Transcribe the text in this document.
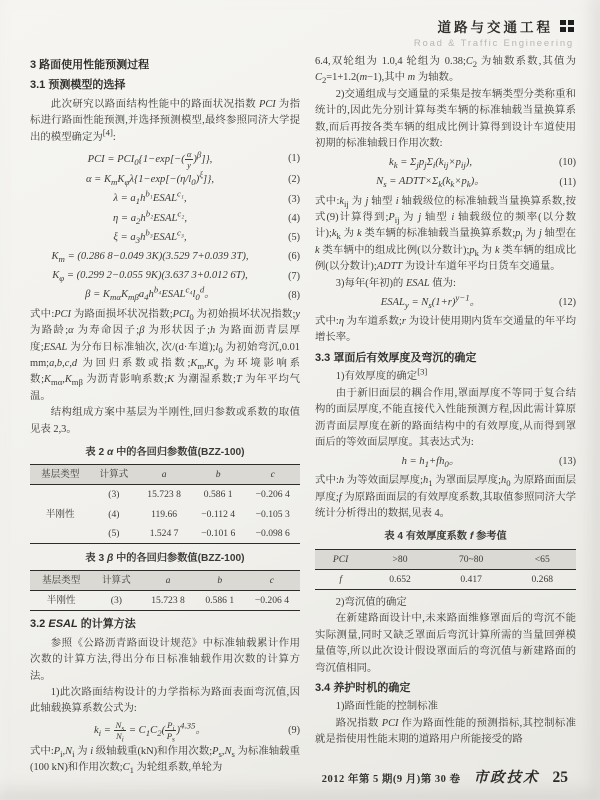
道路与交通工程
Road & Traffic Engineering
3 路面使用性能预测过程
3.1 预测模型的选择

此次研究以路面结构性能中的路面状况指数 PCI 为指标进行路面性能预测,并选择预测模型,最终参照同济大学提出的模型确定为[4]:

PCI = $PCI_0\{1-\exp[-( \frac{\alpha}{y} )^\beta]\}$,	(1)
$\alpha = K_mK_\varphi\lambda\{1-\exp[-(\eta/l_0)^\xi]\}$,	(2)
$\lambda = a_1h^{b_1}ESAL^{c_1}$,	(3)
$\eta = a_2h^{b_2}ESAL^{c_2}$,	(4)
$\xi = a_3h^{b_3}ESAL^{c_3}$,	(5)
$K_m = (0.286$ 8−0.049 3K)(3.529 7+0.039 3T),	(6)
$K_\varphi = (0.299$ 2−0.055 9K)(3.637 3+0.012 6T),	(7)
$\beta = K_{m\alpha}K_{m\beta}a_4h^{b_4}ESAL^{c_4}l_0^d$。	(8)

式中:PCI 为路面损坏状况指数$;PCI_0$ 为初始损坏状况指数;y 为路龄;α 为寿命因子;β 为形状因子;h 为路面沥青层厚度;ESAL 为分布日标准轴次, 次/(d·车道)$;l_0$ 为初始弯沉,0.01 mm;a,b,c,d 为回归系数或指数$;K_m,K_\varphi$ 为环境影响系数$;K_{m\alpha},K_{m\beta}$ 为沥青影响系数;K 为潮湿系数;T 为年平均气温。

结构组成方案中基层为半刚性,回归参数或系数的取值见表 2,3。

表 2 α 中的各回归参数值(BZZ-100)
基层类型	计算式	a	b	c
半刚性	(3)	15.723 8	0.586 1	−0.206 4
	(4)	119.66	−0.112 4	−0.105 3
	(5)	1.524 7	−0.101 6	−0.098 6
表 3 β 中的各回归参数值(BZZ-100)
基层类型	计算式	a	b	c
半刚性	(3)	15.723 8	0.586 1	−0.206 4
3.2 ESAL 的计算方法

参照《公路沥青路面设计规范》中标准轴载累计作用次数的计算方法,得出分布日标准轴载作用次数的计算方法。

1)此次路面结构设计的力学指标为路面表面弯沉值,因此轴载换算系数公式为:

$k_i = \frac{N_s}{N_i} = C_1C_2( \frac{P_i}{P_s} )^{4.35}$。	(9)

式中$:P_i,N_i$ 为 i 级轴载重(kN)和作用次数$;P_s,N_s$ 为标准轴载重(100 kN)和作用次数$;C_1$ 为轮组系数,单轮为

6.4,双轮组为 1.0,4 轮组为 $0.38;C_2$ 为轴数系数,其值为 $C_2=1+1.2(m-1)$,其中 m 为轴数。

2)交通组成与交通量的采集是按车辆类型分类称重和统计的,因此先分别计算每类车辆的标准轴载当量换算系数,而后再按各类车辆的组成比例计算得到设计车道使用初期的标准轴载日作用次数:

$k_k = \Sigma_jp_j\Sigma_i(k_{ij}\times p_{ij})$,	(10)
$N_s$ = $ADTT\times\Sigma_k(k_k\times p_k)$。	(11)

式中$:k_{ij}$ 为 j 轴型 i 轴载级位的标准轴载当量换算系数,按式(9)计算得到$;P_{ij}$ 为 j 轴型 i 轴载级位的频率(以分数计)$;k_k$ 为 k 类车辆的标准轴载当量换算系数$;p_j$ 为 j 轴型在 k 类车辆中的组成比例(以分数计)$;p_k$ 为 k 类车辆的组成比例(以分数计);ADTT 为设计车道年平均日货车交通量。

3)每年(年初)的 ESAL 值为:

$ESAL_y = N_s(1+r)^{y-1}$。	(12)

式中:η 为车道系数;r 为设计使用期内货车交通量的年平均增长率。

3.3 罩面后有效厚度及弯沉的确定

1)有效厚度的确定[3]

由于新旧面层的耦合作用,罩面厚度不等同于复合结构的面层厚度,不能直接代入性能预测方程,因此需计算原沥青面层厚度在新的路面结构中的有效厚度,从而得到罩面后的等效面层厚度。其表达式为:

$h = h_1+fh_0$。	(13)

式中:h 为等效面层厚度$;h_1$ 为罩面层厚度$;h_0$ 为原路面面层厚度;f 为原路面面层的有效厚度系数,其取值参照同济大学统计分析得出的数据,见表 4。

表 4 有效厚度系数 f 参考值
PCI	>80	70~80	<65
f	0.652	0.417	0.268

2)弯沉值的确定

在新建路面设计中,未来路面维修罩面后的弯沉不能实际测量,同时又缺乏罩面后弯沉计算所需的当量回弹模量值等,所以此次设计假设罩面后的弯沉值与新建路面的弯沉值相同。

3.4 养护时机的确定

1)路面性能的控制标准

路况指数 PCI 作为路面性能的预测指标,其控制标准就是指使用性能末期的道路用户所能接受的路

2012 年第 5 期(9 月)第 30 卷 市政技术 25
